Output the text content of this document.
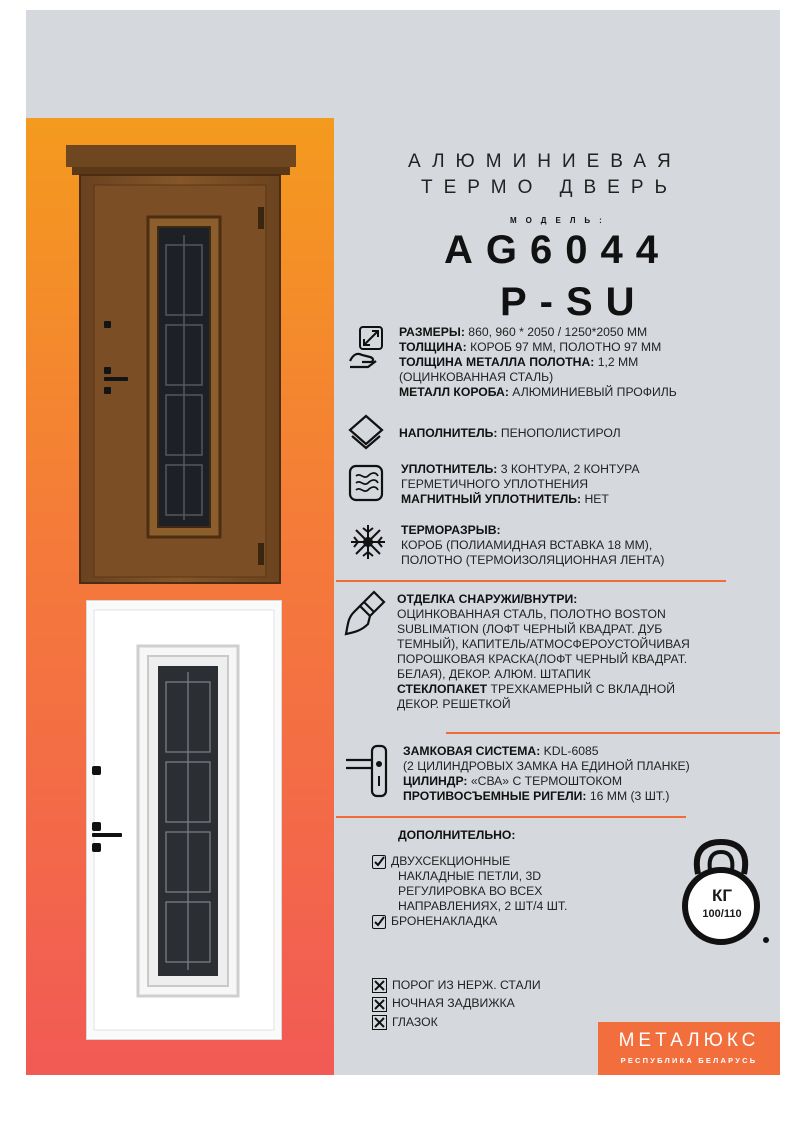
АЛЮМИНИЕВАЯ
ТЕРМО ДВЕРЬ
МОДЕЛЬ:
AG6044
P-SU
РАЗМЕРЫ: 860, 960 * 2050 / 1250*2050 ММ
ТОЛЩИНА: КОРОБ 97 ММ, ПОЛОТНО 97 ММ
ТОЛЩИНА МЕТАЛЛА ПОЛОТНА: 1,2 ММ
(ОЦИНКОВАННАЯ СТАЛЬ)
МЕТАЛЛ КОРОБА: АЛЮМИНИЕВЫЙ ПРОФИЛЬ
НАПОЛНИТЕЛЬ: ПЕНОПОЛИСТИРОЛ
УПЛОТНИТЕЛЬ: 3 КОНТУРА, 2 КОНТУРА
ГЕРМЕТИЧНОГО УПЛОТНЕНИЯ
МАГНИТНЫЙ УПЛОТНИТЕЛЬ: НЕТ
ТЕРМОРАЗРЫВ:
КОРОБ (ПОЛИАМИДНАЯ ВСТАВКА 18 ММ),
ПОЛОТНО (ТЕРМОИЗОЛЯЦИОННАЯ ЛЕНТА)
ОТДЕЛКА СНАРУЖИ/ВНУТРИ:
ОЦИНКОВАННАЯ СТАЛЬ, ПОЛОТНО BOSTON
SUBLIMATION (ЛОФТ ЧЕРНЫЙ КВАДРАТ. ДУБ
ТЕМНЫЙ), КАПИТЕЛЬ/АТМОСФЕРОУСТОЙЧИВАЯ
ПОРОШКОВАЯ КРАСКА(ЛОФТ ЧЕРНЫЙ КВАДРАТ.
БЕЛАЯ), ДЕКОР. АЛЮМ. ШТАПИК
СТЕКЛОПАКЕТ ТРЕХКАМЕРНЫЙ С ВКЛАДНОЙ
ДЕКОР. РЕШЕТКОЙ
ЗАМКОВАЯ СИСТЕМА: KDL-6085
(2 ЦИЛИНДРОВЫХ ЗАМКА НА ЕДИНОЙ ПЛАНКЕ)
ЦИЛИНДР: «СВА» С ТЕРМОШТОКОМ
ПРОТИВОСЪЕМНЫЕ РИГЕЛИ: 16 ММ (3 ШТ.)
ДОПОЛНИТЕЛЬНО:
ДВУХСЕКЦИОННЫЕ
НАКЛАДНЫЕ ПЕТЛИ, 3D
РЕГУЛИРОВКА ВО ВСЕХ
НАПРАВЛЕНИЯХ, 2 ШТ/4 ШТ.
БРОНЕНАКЛАДКА
ПОРОГ ИЗ НЕРЖ. СТАЛИ
НОЧНАЯ ЗАДВИЖКА
ГЛАЗОК
КГ
100/110
МЕТАЛЮКС
РЕСПУБЛИКА БЕЛАРУСЬ
